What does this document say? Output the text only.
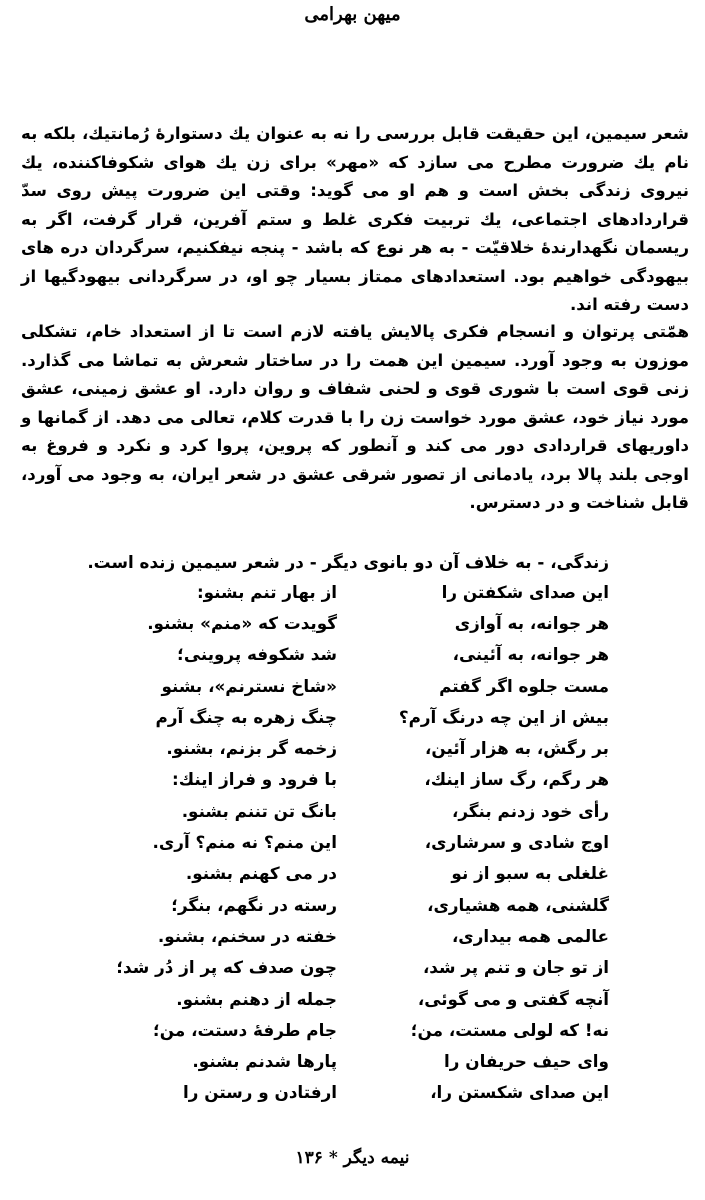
میهن بهرامی

شعر سیمین، این حقیقت قابل بررسی را نه به عنوان یك دستوارهٔ رُمانتیك، بلكه به نام یك ضرورت مطرح می سازد كه «مهر» برای زن یك هوای شكوفاكننده، یك نیروی زندگی بخش است و هم او می گوید: وقتی این ضرورت پیش روی سدّ قراردادهای اجتماعی، یك تربیت فكری غلط و ستم آفرین، قرار گرفت، اگر به ریسمان نگهدارندهٔ خلاقیّت - به هر نوع كه باشد - پنجه نیفكنیم، سرگردان دره های بیهودگی خواهیم بود. استعدادهای ممتاز بسیار چو او، در سرگردانی بیهودگیها از دست رفته اند.

همّتی پرتوان و انسجام فكری پالایش یافته لازم است تا از استعداد خام، تشكلی موزون به وجود آورد. سیمین این همت را در ساختار شعرش به تماشا می گذارد. زنی قوی است با شوری قوی و لحنی شفاف و روان دارد. او عشق زمینی، عشق مورد نیاز خود، عشق مورد خواست زن را با قدرت كلام، تعالی می دهد. از گمانها و داوریهای قراردادی دور می كند و آنطور كه پروین، پروا كرد و نكرد و فروغ به اوجی بلند پالا برد، یادمانی از تصور شرقی عشق در شعر ایران، به وجود می آورد، قابل شناخت و در دسترس.

زندگی، - به خلاف آن دو بانوی دیگر - در شعر سیمین زنده است.
این صدای شكفتن را
از بهار تنم بشنو:
هر جوانه، به آوازی
گویدت كه «منم» بشنو.
هر جوانه، به آئینی،
شد شكوفه پروینی؛
مست جلوه اگر گفتم
«شاخ نسترنم»، بشنو
بیش از این چه درنگ آرم؟
چنگ زهره به چنگ آرم
بر رگش، به هزار آئین،
زخمه گر بزنم، بشنو.
هر رگم، رگ ساز اینك،
با فرود و فراز اینك:
رأی خود زدنم بنگر،
بانگ تن تننم بشنو.
اوج شادی و سرشاری،
این منم؟ نه منم؟ آری.
غلغلی به سبو از نو
در می كهنم بشنو.
گلشنی، همه هشیاری،
رسته در نگهم، بنگر؛
عالمی همه بیداری،
خفته در سخنم، بشنو.
از تو جان و تنم پر شد،
چون صدف كه پر از دُر شد؛
آنچه گفتی و می گوئی،
جمله از دهنم بشنو.
نه! كه لولی مستت، من؛
جام طرفهٔ دستت، من؛
وای حیف حریفان را
پارها شدنم بشنو.
این صدای شكستن را،
ارفتادن و رستن را
نیمه دیگر * ۱۳۶
